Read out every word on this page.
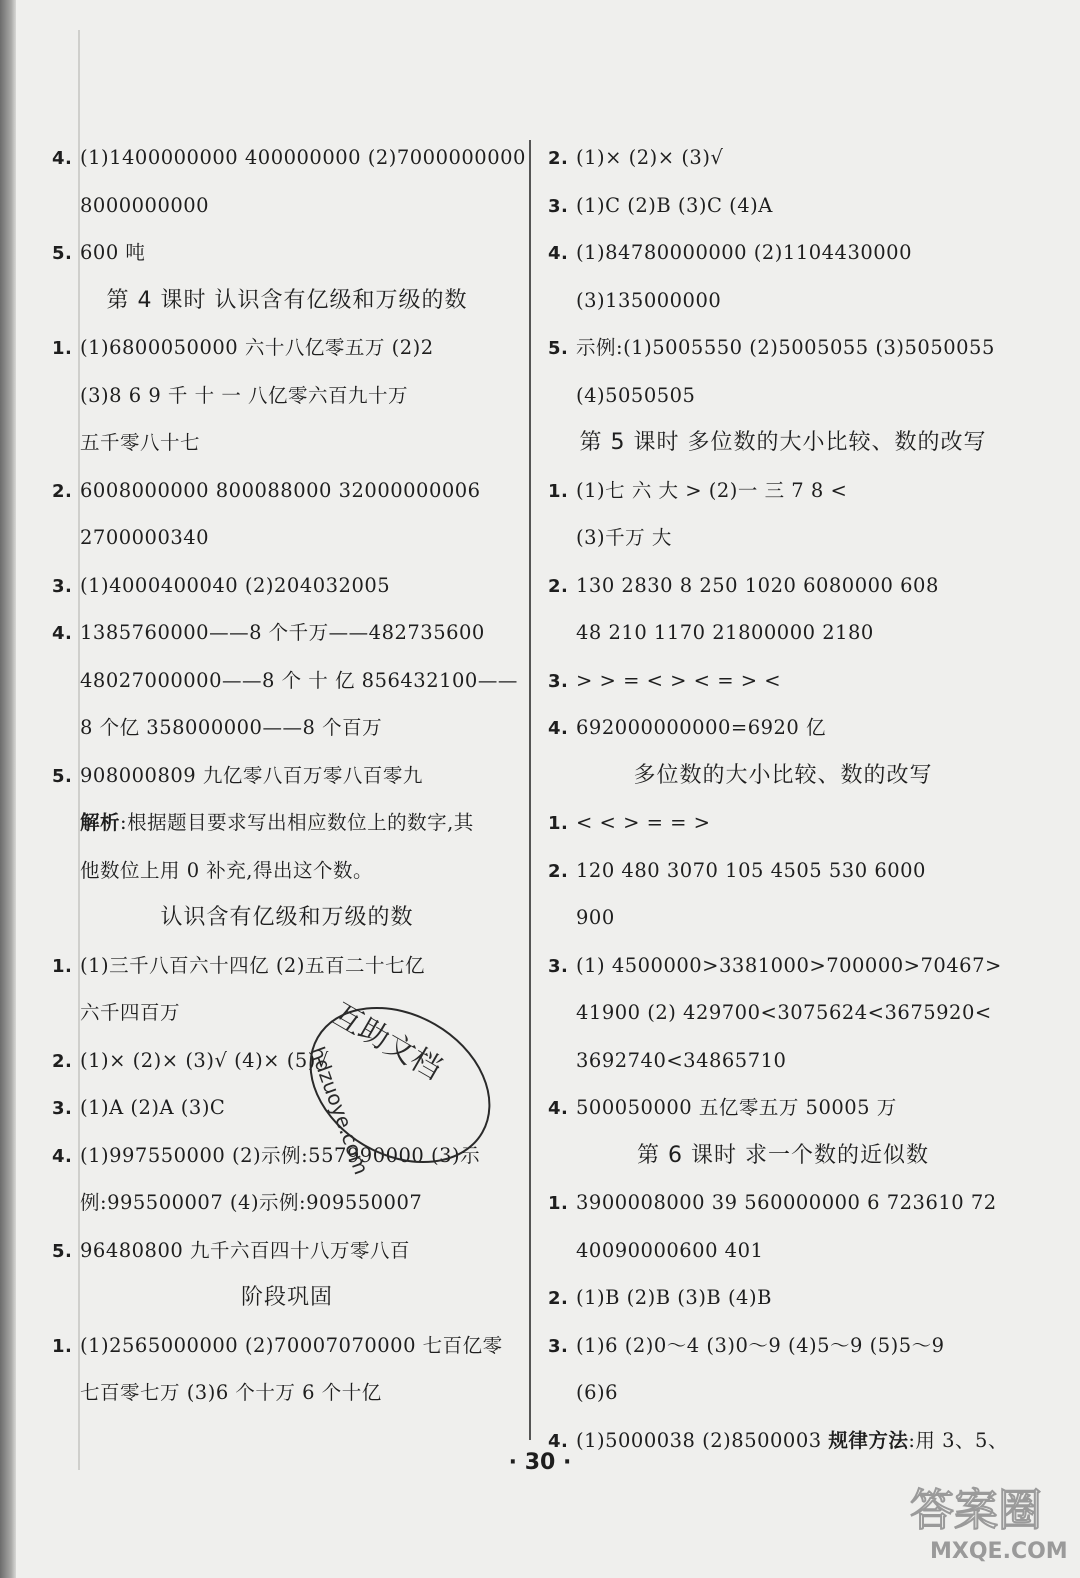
4. (1)1400000000 400000000 (2)7000000000
8000000000
5. 600 吨
第 4 课时 认识含有亿级和万级的数
1. (1)6800050000 六十八亿零五万 (2)2
(3)8 6 9 千 十 一 八亿零六百九十万
五千零八十七
2. 6008000000 800088000 32000000006
2700000340
3. (1)4000400040 (2)204032005
4. 1385760000——8 个千万——482735600
48027000000——8 个 十 亿 856432100——
8 个亿 358000000——8 个百万
5. 908000809 九亿零八百万零八百零九
解析:根据题目要求写出相应数位上的数字,其
他数位上用 0 补充,得出这个数。
认识含有亿级和万级的数
1. (1)三千八百六十四亿 (2)五百二十七亿
六千四百万
2. (1)× (2)× (3)√ (4)× (5)√
3. (1)A (2)A (3)C
4. (1)997550000 (2)示例:557990000 (3)示
例:995500007 (4)示例:909550007
5. 96480800 九千六百四十八万零八百
阶段巩固
1. (1)2565000000 (2)70007070000 七百亿零
七百零七万 (3)6 个十万 6 个十亿
2. (1)× (2)× (3)√
3. (1)C (2)B (3)C (4)A
4. (1)84780000000 (2)1104430000
(3)135000000
5. 示例:(1)5005550 (2)5005055 (3)5050055
(4)5050505
第 5 课时 多位数的大小比较、数的改写
1. (1)七 六 大 > (2)一 三 7 8 <
(3)千万 大
2. 130 2830 8 250 1020 6080000 608
48 210 1170 21800000 2180
3. > > = < > < = > <
4. 692000000000=6920 亿
多位数的大小比较、数的改写
1. < < > = = >
2. 120 480 3070 105 4505 530 6000
900
3. (1) 4500000>3381000>700000>70467>
41900 (2) 429700<3075624<3675920<
3692740<34865710
4. 500050000 五亿零五万 50005 万
第 6 课时 求一个数的近似数
1. 3900008000 39 560000000 6 723610 72
40090000600 401
2. (1)B (2)B (3)B (4)B
3. (1)6 (2)0～4 (3)0～9 (4)5～9 (5)5～9
(6)6
4. (1)5000038 (2)8500003 规律方法:用 3、5、
互助文档
hdzuoye.com
答案圈
MXQE.COM
· 30 ·
